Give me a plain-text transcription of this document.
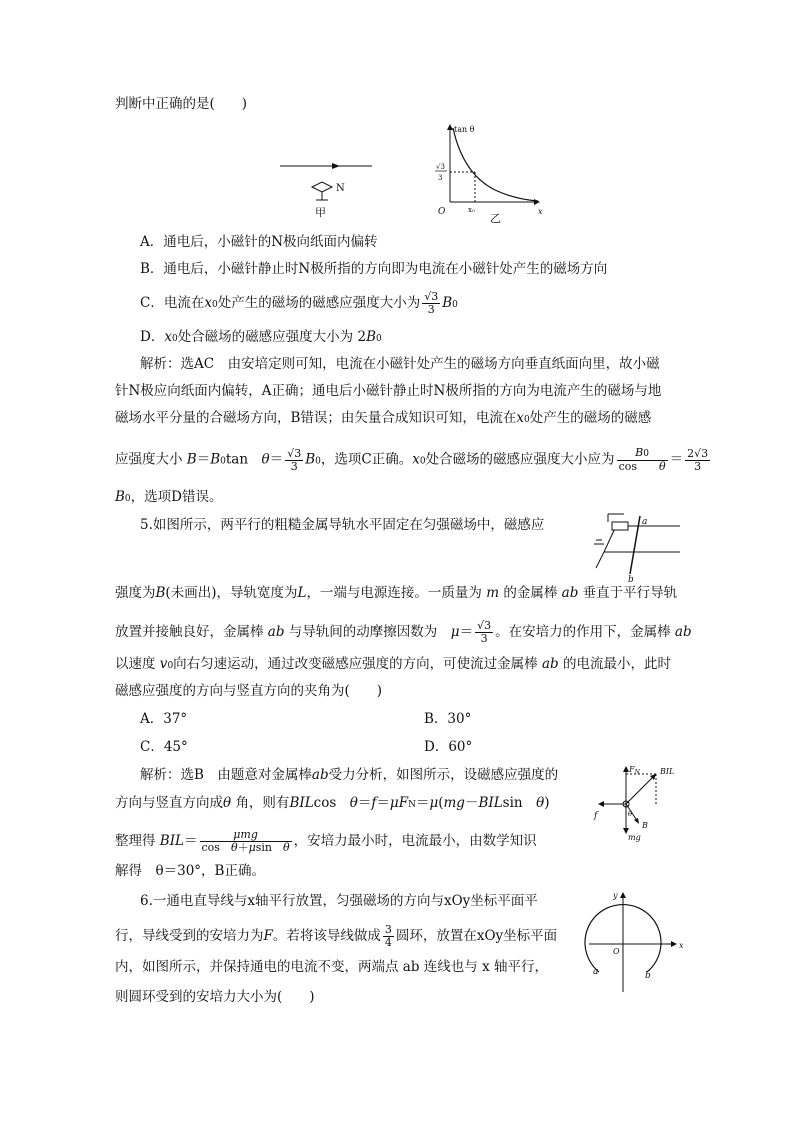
判断中正确的是(　　)
N
甲
tan θ
x
O	x₀
√3
3
乙
A．通电后，小磁针的N极向纸面内偏转
B．通电后，小磁针静止时N极所指的方向即为电流在小磁针处产生的磁场方向
C．电流在x0处产生的磁场的磁感应强度大小为 $\frac{√3}{3} B0$
D．x0处合磁场的磁感应强度大小为 2B0
解析：选AC　由安培定则可知，电流在小磁针处产生的磁场方向垂直纸面向里，故小磁
针N极应向纸面内偏转，A正确；通电后小磁针静止时N极所指的方向为电流产生的磁场与地
磁场水平分量的合磁场方向，B错误；由矢量合成知识可知，电流在x0处产生的磁场的磁感
应强度大小 B＝B0tan　$\theta= \frac{√3}{3} B0$，选项C正确。x0处合磁场的磁感应强度大小应为 $\frac{B0}{\text{cos　　θ}} = \frac{2√3}{3}$
B0，选项D错误。
a
b
5.如图所示，两平行的粗糙金属导轨水平固定在匀强磁场中，磁感应
强度为B(未画出)，导轨宽度为L，一端与电源连接。一质量为 m 的金属棒 ab 垂直于平行导轨
放置并接触良好，金属棒 ab 与导轨间的动摩擦因数为　 $\mu= \frac{√3}{3}$ 。在安培力的作用下，金属棒 ab
以速度 v0向右匀速运动，通过改变磁感应强度的方向，可使流过金属棒 ab 的电流最小，此时
磁感应强度的方向与竖直方向的夹角为(　　)
A．37°	B．30°
C．45°	D．60°
$F_N$	BIL
f	θ
B
mg
解析：选B　由题意对金属棒ab受力分析，如图所示，设磁感应强度的
方向与竖直方向成θ 角，则有BILcos　θ＝f＝μFN＝μ(mg－BILsin　θ)
整理得 $BIL= \frac{\text{μmg}}{\text{cos　θ＋μsin　θ}}$ ，安培力最小时，电流最小，由数学知识
解得　θ＝30°，B正确。
x
y
O
a	b
6.一通电直导线与x轴平行放置，匀强磁场的方向与xOy坐标平面平
行，导线受到的安培力为F。若将该导线做成 $\frac{3}{4}$ 圆环，放置在xOy坐标平面
内，如图所示，并保持通电的电流不变，两端点 ab 连线也与 x 轴平行，
则圆环受到的安培力大小为(　　)
